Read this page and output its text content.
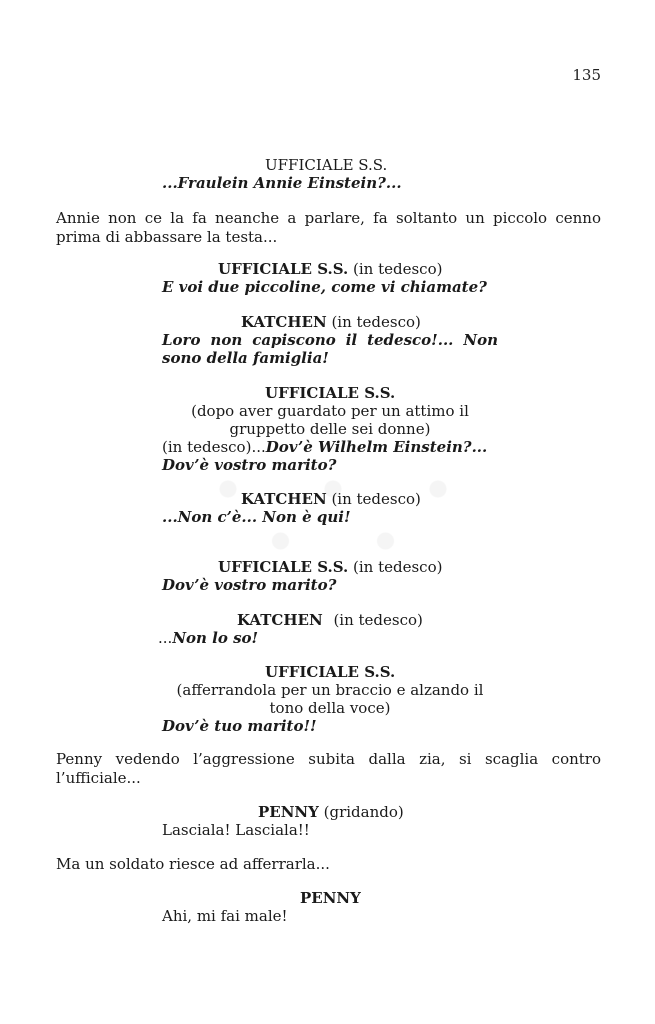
135
UFFICIALE S.S.
...Fraulein Annie Einstein?...
Annie non ce la fa neanche a parlare, fa soltanto un piccolo cenno prima di abbassare la testa...
UFFICIALE S.S. (in tedesco)
E voi due piccoline, come vi chiamate?
KATCHEN (in tedesco)
Loro non capiscono il tedesco!... Non
sono della famiglia!
UFFICIALE S.S.
(dopo aver guardato per un attimo il
gruppetto delle sei donne)
(in tedesco)...Dov’è Wilhelm Einstein?...
Dov’è vostro marito?
KATCHEN (in tedesco)
...Non c’è... Non è qui!
UFFICIALE S.S. (in tedesco)
Dov’è vostro marito?
KATCHEN (in tedesco)
...Non lo so!
UFFICIALE S.S.
(afferrandola per un braccio e alzando il
tono della voce)
Dov’è tuo marito!!
Penny vedendo l’aggressione subita dalla zia, si scaglia contro l’ufficiale...
PENNY (gridando)
Lasciala! Lasciala!!
Ma un soldato riesce ad afferrarla...
PENNY
Ahi, mi fai male!
